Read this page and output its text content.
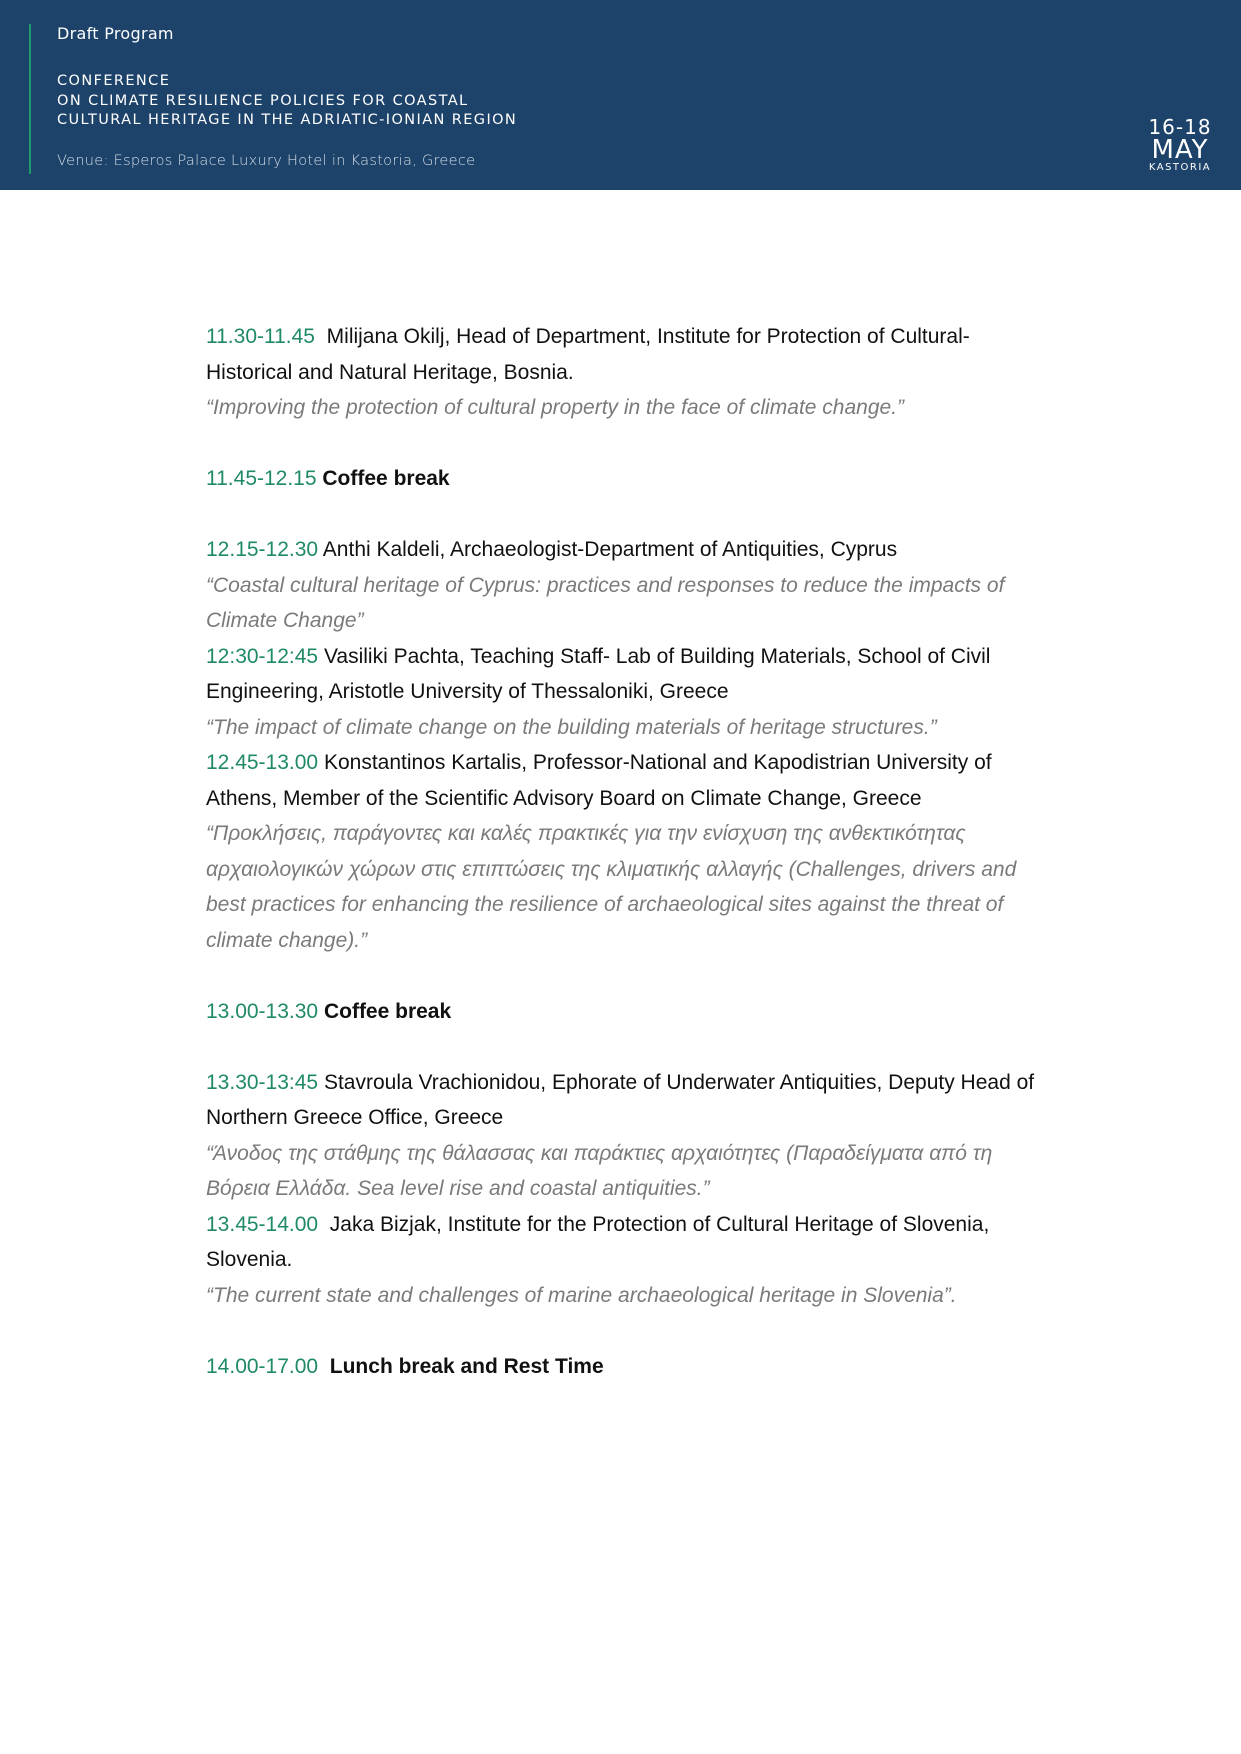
Draft Program
CONFERENCE
ON CLIMATE RESILIENCE POLICIES FOR COASTAL
CULTURAL HERITAGE IN THE ADRIATIC-IONIAN REGION
Venue: Esperos Palace Luxury Hotel in Kastoria, Greece
16-18
MAY
KASTORIA
11.30-11.45 Milijana Okilj, Head of Department, Institute for Protection of Cultural-Historical and Natural Heritage, Bosnia.
“Improving the protection of cultural property in the face of climate change.”
11.45-12.15 Coffee break
12.15-12.30 Anthi Kaldeli, Archaeologist-Department of Antiquities, Cyprus
“Coastal cultural heritage of Cyprus: practices and responses to reduce the impacts of Climate Change”
12:30-12:45 Vasiliki Pachta, Teaching Staff- Lab of Building Materials, School of Civil Engineering, Aristotle University of Thessaloniki, Greece
“The impact of climate change on the building materials of heritage structures.”
12.45-13.00 Konstantinos Kartalis, Professor-National and Kapodistrian University of Athens, Member of the Scientific Advisory Board on Climate Change, Greece
“Προκλήσεις, παράγοντες και καλές πρακτικές για την ενίσχυση της ανθεκτικότητας αρχαιολογικών χώρων στις επιπτώσεις της κλιματικής αλλαγής (Challenges, drivers and best practices for enhancing the resilience of archaeological sites against the threat of climate change).”
13.00-13.30 Coffee break
13.30-13:45 Stavroula Vrachionidou, Ephorate of Underwater Antiquities, Deputy Head of Northern Greece Office, Greece
“Άνοδος της στάθμης της θάλασσας και παράκτιες αρχαιότητες (Παραδείγματα από τη Βόρεια Ελλάδα. Sea level rise and coastal antiquities.”
13.45-14.00 Jaka Bizjak, Institute for the Protection of Cultural Heritage of Slovenia, Slovenia.
“The current state and challenges of marine archaeological heritage in Slovenia”.
14.00-17.00 Lunch break and Rest Time
